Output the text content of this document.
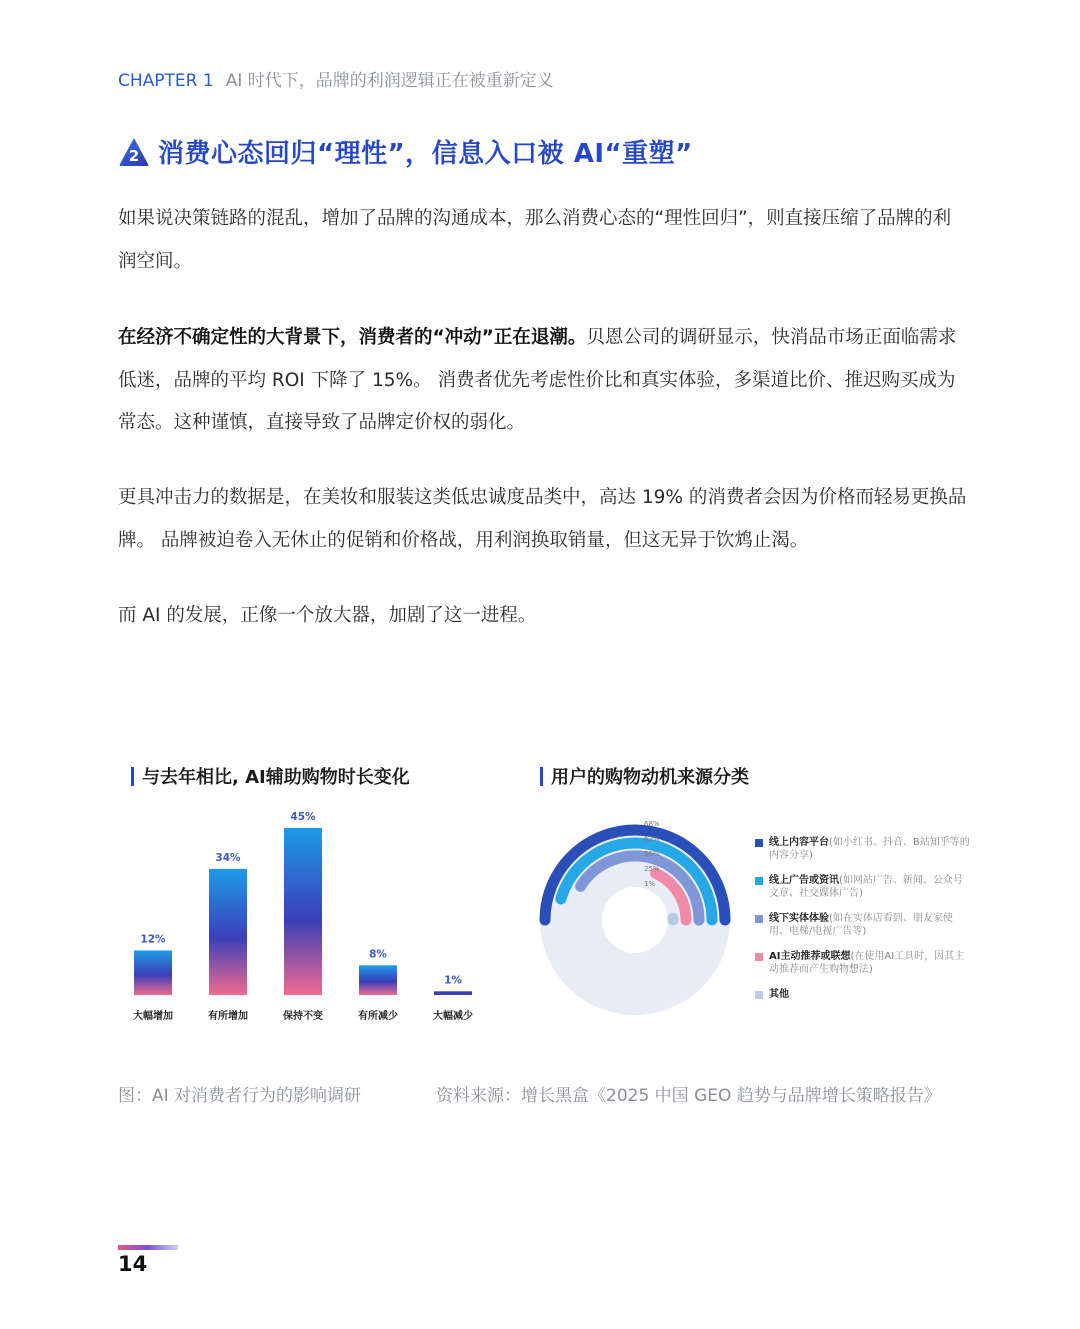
CHAPTER 1 AI 时代下，品牌的利润逻辑正在被重新定义
2 消费心态回归“理性”，信息入口被 AI“重塑”

如果说决策链路的混乱，增加了品牌的沟通成本，那么消费心态的“理性回归”，则直接压缩了品牌的利润空间。

在经济不确定性的大背景下，消费者的“冲动”正在退潮。贝恩公司的调研显示，快消品市场正面临需求低迷，品牌的平均 ROI 下降了 15%。 消费者优先考虑性价比和真实体验，多渠道比价、推迟购买成为常态。这种谨慎，直接导致了品牌定价权的弱化。

更具冲击力的数据是，在美妆和服装这类低忠诚度品类中，高达 19% 的消费者会因为价格而轻易更换品牌。 品牌被迫卷入无休止的促销和价格战，用利润换取销量，但这无异于饮鸩止渴。

而 AI 的发展，正像一个放大器，加剧了这一进程。

与去年相比, AI辅助购物时长变化	用户的购物动机来源分类
12%
大幅增加
34%
有所增加
45%
保持不变
8%
有所减少
1%
大幅减少
68%
62%
56%
25%
1%
线上内容平台(如小红书、抖音、B站知乎等的内容分享)
线上广告或资讯(如网站广告、新闻、公众号文章、社交媒体广告)
线下实体体验(如在实体店看到、朋友家使用、电梯/电视广告等)
AI主动推荐或联想(在使用AI工具时，因其主动推荐而产生购物想法)
其他
图：AI 对消费者行为的影响调研	资料来源：增长黑盒《2025 中国 GEO 趋势与品牌增长策略报告》
14
